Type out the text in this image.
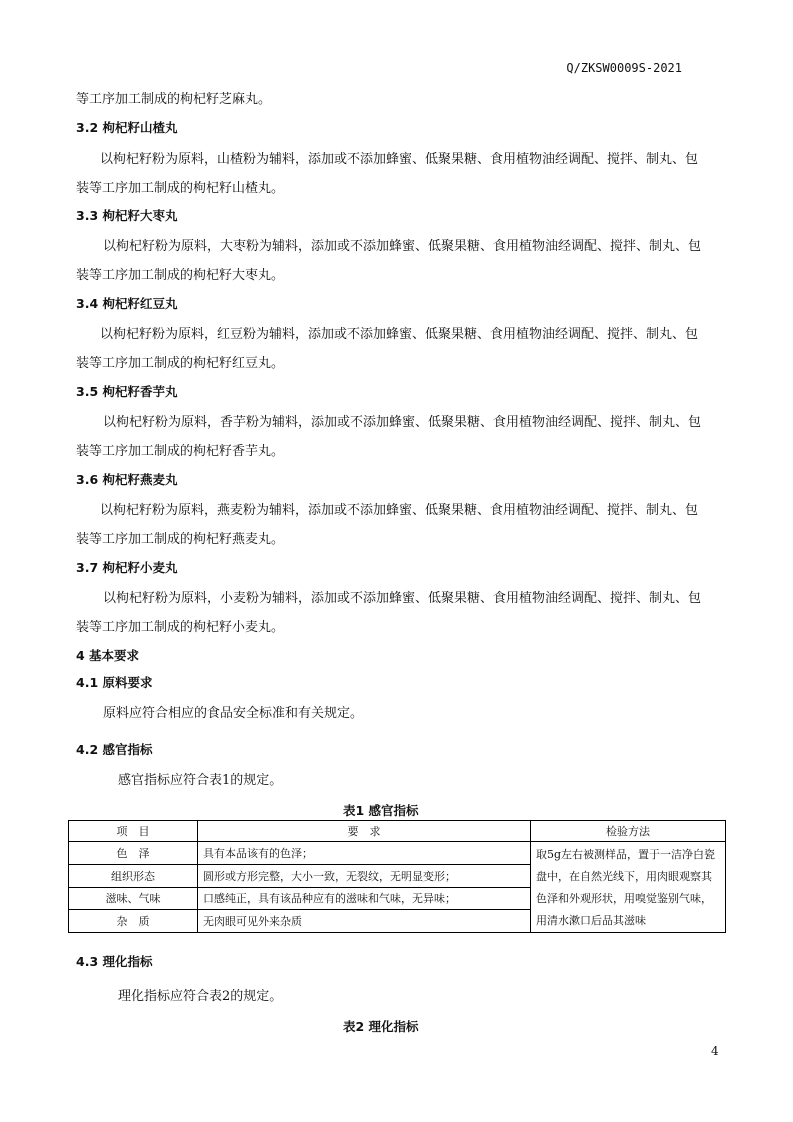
Q/ZKSW0009S-2021
等工序加工制成的枸杞籽芝麻丸。
3.2 枸杞籽山楂丸
以枸杞籽粉为原料，山楂粉为辅料，添加或不添加蜂蜜、低聚果糖、食用植物油经调配、搅拌、制丸、包
装等工序加工制成的枸杞籽山楂丸。
3.3 枸杞籽大枣丸
以枸杞籽粉为原料，大枣粉为辅料，添加或不添加蜂蜜、低聚果糖、食用植物油经调配、搅拌、制丸、包
装等工序加工制成的枸杞籽大枣丸。
3.4 枸杞籽红豆丸
以枸杞籽粉为原料，红豆粉为辅料，添加或不添加蜂蜜、低聚果糖、食用植物油经调配、搅拌、制丸、包
装等工序加工制成的枸杞籽红豆丸。
3.5 枸杞籽香芋丸
以枸杞籽粉为原料，香芋粉为辅料，添加或不添加蜂蜜、低聚果糖、食用植物油经调配、搅拌、制丸、包
装等工序加工制成的枸杞籽香芋丸。
3.6 枸杞籽燕麦丸
以枸杞籽粉为原料，燕麦粉为辅料，添加或不添加蜂蜜、低聚果糖、食用植物油经调配、搅拌、制丸、包
装等工序加工制成的枸杞籽燕麦丸。
3.7 枸杞籽小麦丸
以枸杞籽粉为原料，小麦粉为辅料，添加或不添加蜂蜜、低聚果糖、食用植物油经调配、搅拌、制丸、包
装等工序加工制成的枸杞籽小麦丸。
4 基本要求
4.1 原料要求
原料应符合相应的食品安全标准和有关规定。
4.2 感官指标
感官指标应符合表1的规定。
表1 感官指标
项　目	要　求	检验方法
色　泽	具有本品该有的色泽；	取5g左右被测样品，置于一洁净白瓷盘中，在自然光线下，用肉眼观察其色泽和外观形状，用嗅觉鉴别气味，用清水漱口后品其滋味
组织形态	圆形或方形完整，大小一致，无裂纹，无明显变形；	
滋味、气味	口感纯正，具有该品种应有的滋味和气味，无异味；	
杂　质	无肉眼可见外来杂质	
4.3 理化指标
理化指标应符合表2的规定。
表2 理化指标
4
